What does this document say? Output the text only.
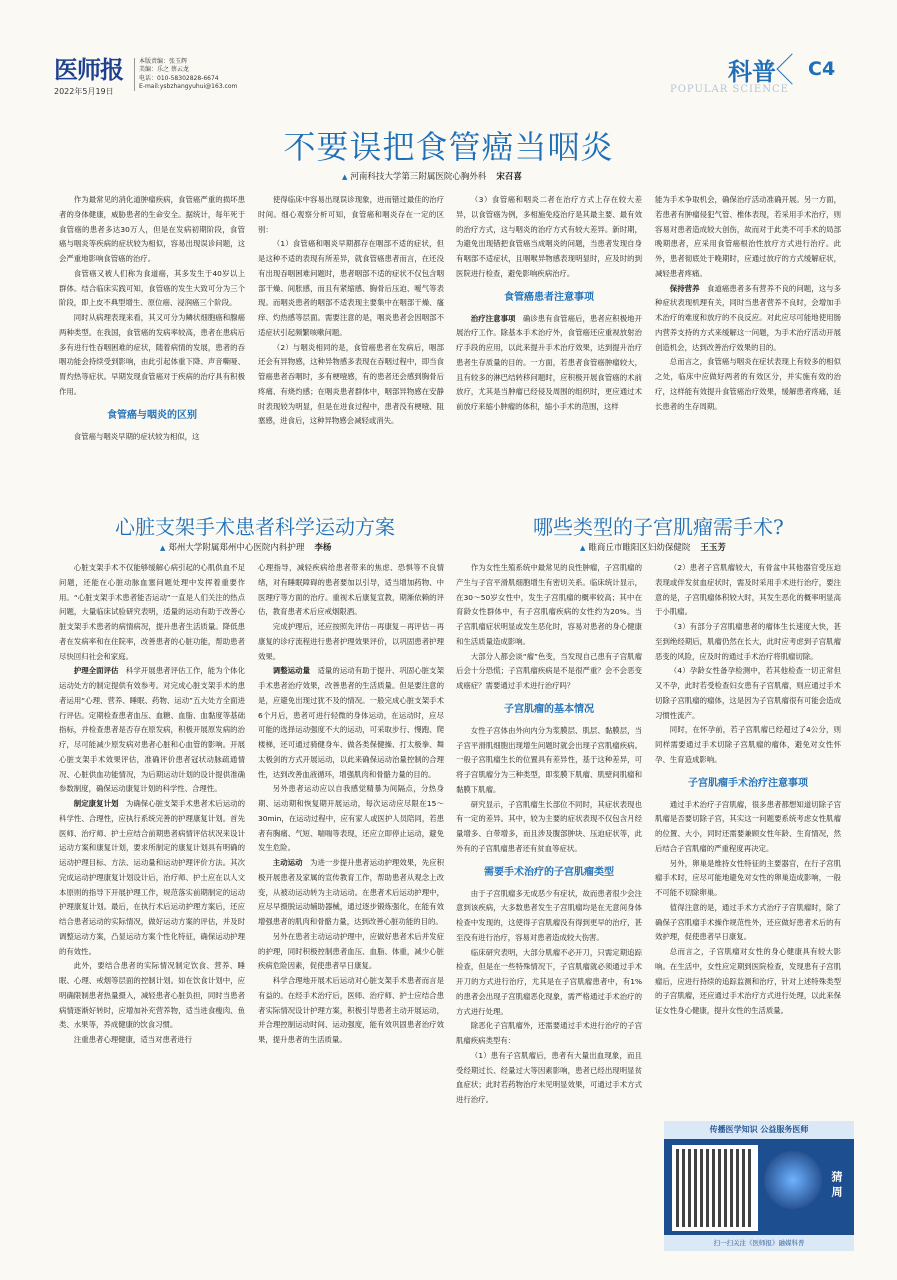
医师报
2022年5月19日
本版责编：张玉辉
美编：乐之 蔡云龙
电话：010-58302828-6674
E-mail:ysbzhangyuhui@163.com
科普 C4
POPULAR SCIENCE
不要误把食管癌当咽炎
▲ 河南科技大学第三附属医院心胸外科 宋召喜

作为最常见的消化道肿瘤疾病，食管癌严重的损坏患者的身体健康，威胁患者的生命安全。据统计，每年死于食管癌的患者多达30万人，但是在发病初期阶段，食管癌与咽炎等疾病的症状较为相似，容易出现误诊问题，这会严重地影响食管癌的治疗。

食管癌又被人们称为食道癌，其多发生于40岁以上群体。结合临床实践可知，食管癌的发生大致可分为三个阶段，即上皮不典型增生、原位癌、浸润癌三个阶段。

同时从病理表现来看，其又可分为鳞状细胞癌和腺癌两种类型。在我国，食管癌的发病率较高，患者在患病后多有进行性吞咽困难的症状，随着病情的发展，患者的吞咽功能会持续受到影响，由此引起体重下降、声音嘶哑、胃灼热等症状。早期发现食管癌对于疾病的治疗具有积极作用。

食管癌与咽炎的区别

食管癌与咽炎早期的症状较为相似，这

使得临床中容易出现误诊现象，进而错过最佳的治疗时间。细心观察分析可知，食管癌和咽炎存在一定的区别：

（1）食管癌和咽炎早期都存在咽部不适的症状，但是这种不适的表现有所差异，就食管癌患者而言，在还没有出现吞咽困难问题时，患者咽部不适的症状不仅包含咽部干燥、间胀感，而且有紧缩感、胸骨后压迫、嗳气等表现。而咽炎患者的咽部不适表现主要集中在咽部干燥、瘙痒、灼热感等层面。需要注意的是，咽炎患者会因咽部不适症状引起频繁咳嗽问题。

（2）与咽炎相同的是，食管癌患者在发病后，咽部还会有异物感，这种异物感多表现在吞咽过程中，即当食管癌患者吞咽时，多有梗噎感，有的患者还会感到胸骨后疼痛、有烧灼感；在咽炎患者群体中，咽部异物感在安静时表现较为明显，但是在进食过程中，患者没有梗噎、阻塞感，进食后，这种异物感会减轻或消失。

（3）食管癌和咽炎二者在治疗方式上存在较大差异，以食管癌为例，多相施免疫治疗是其最主要、最有效的治疗方式，这与咽炎的治疗方式有较大差异。新时期，为避免出现错把食管癌当成咽炎的问题，当患者发现自身有咽部不适症状，且咽喉异物感表现明显时，应及时的到医院进行检查，避免影响疾病治疗。

食管癌患者注意事项

治疗注意事项　 确诊患有食管癌后，患者应积极地开展治疗工作。除基本手术治疗外，食管癌还应重视放射治疗手段的应用，以此来提升手术治疗效果，达到提升治疗患者生存质量的目的。一方面，若患者食管癌肿瘤较大，且有较多的淋巴结转移问题时，应积极开展食管癌的术前放疗，尤其是当肿瘤已经侵及周围的组织时，更应通过术前放疗来缩小肿瘤的体积，缩小手术的范围，这样

能为手术争取机会，确保治疗活动准确开展。另一方面，若患者有肿瘤侵犯气管、椎体表现，若采用手术治疗，则容易对患者造成较大创伤，故而对于此类不可手术的局部晚期患者，应采用食管癌根治性放疗方式进行治疗。此外，患者彻底处于晚期时，应通过放疗的方式缓解症状，减轻患者疼痛。

保持营养　 食道癌患者多有营养不良的问题，这与多种症状表现机理有关，同时当患者营养不良时，会增加手术治疗的难度和放疗的不良反应。对此应尽可能地使用肠内营养支持的方式来缓解这一问题，为手术治疗活动开展创造机会，达到改善治疗效果的目的。

总而言之，食管癌与咽炎在症状表现上有较多的相似之处，临床中应做好两者的有效区分，并实施有效的治疗，这样能有效提升食管癌治疗效果，缓解患者疼痛，延长患者的生存周期。

心脏支架手术患者科学运动方案
▲ 郑州大学附属郑州中心医院内科护理 李杨

心脏支架手术不仅能够缓解心病引起的心肌供血不足问题，还能在心脏动脉血塞问题处理中发挥着重要作用。“心脏支架手术患者能否运动”一直是人们关注的热点问题，大量临床试验研究表明，适量的运动有助于改善心脏支架手术患者的病情病况，提升患者生活质量。降低患者在发病率和在住院率，改善患者的心脏功能，帮助患者尽快回归社会和家庭。

护理全面评估　 科学开展患者评估工作，能为个体化运动处方的制定提供有效参考。对完成心脏支架手术的患者运用“心理、营养、睡眠、药物、运动”五大处方全面进行评估。定期检查患者血压、血糖、血脂、血黏度等基础指标，并检查患者是否存在原发病，积极开展原发病的治疗，尽可能减少原发病对患者心脏和心血管的影响。开展心脏支架手术效果评估，准确评价患者冠状动脉疏通情况、心脏供血功能情况，为后期运动计划的设计提供准确参数制度，确保运动康复计划的科学性、合理性。

制定康复计划　 为确保心脏支架手术患者术后运动的科学性、合理性，应执行系统完善的护理康复计划。首先医师、治疗师、护士应结合前期患者病情评估状况来设计运动方案和康复计划，要求所制定的康复计划具有明确的运动护理目标、方法、运动量和运动护理评价方法。其次完成运动护理康复计划设计后，治疗师、护士应在以人文本原则的指导下开展护理工作，规范落实前期制定的运动护理康复计划。最后，在执行术后运动护理方案后，还应结合患者运动的实际情况，做好运动方案的评估，并及时调整运动方案，凸显运动方案个性化特征，确保运动护理的有效性。

此外，要结合患者的实际情况制定饮食、营养、睡眠、心理、戒烟等层面的控制计划。如在饮食计划中，应明确限制患者热量摄入，减轻患者心脏负担，同时当患者病情逐渐好转时，应增加补充营养物，适当进食瘦肉、鱼类、水果等，养成健康的饮食习惯。

注重患者心理健康，适当对患者进行

心理指导，减轻疾病给患者带来的焦虑、恐惧等不良情绪，对有睡眠障碍的患者要加以引导，适当增加药物、中医理疗等方面的治疗。重视术后康复宣教，期渐依赖的评估，教育患者术后应戒烟限酒。

完成护理后，还应按照先评估－再康复－再评估－再康复的诊疗流程进行患者护理效果评价，以巩固患者护理效果。

调整运动量　 适量的运动有助于提升、巩固心脏支架手术患者治疗效果，改善患者的生活质量。但是要注意的是，应避免出现过犹不及的情况。一般完成心脏支架手术6个月后，患者可进行轻微的身体运动，在运动时，应尽可能的选择运动强度不大的运动，可采取步行、慢跑、爬楼梯，还可通过骑健身车、做各类保健操、打太极拳、舞太极剑的方式开展运动，以此来确保运动治量控制的合理性，达到改善血液循环，增强肌肉和骨骼力量的目的。

另外患者运动应以自我感觉精暴为间隔点，分热身期、运动期和恢复期开展运动，每次运动应尽限在15～30min，在运动过程中，应有家人或医护人员陪同，若患者有胸痛、气短、喘喘等表现，还应立即停止运动，避免发生危险。

主动运动　 为进一步提升患者运动护理效果，先应积极开展患者及家属的宣传教育工作，帮助患者从观念上改变，从被动运动转为主动运动。在患者术后运动护理中，应尽早摄脱运动辅助器械，通过逐步锻炼强化，在能有效增强患者的肌肉和骨骼力量，达到改善心脏功能的目的。

另外在患者主动运动护理中，应做好患者术后并发症的护理，同时积极控制患者血压、血脂、体重，减少心脏疾病危险因素，促使患者早日康复。

科学合理地开展术后运动对心脏支架手术患者而言是有益的。在经手术治疗后，医师、治疗师、护士应结合患者实际情况设计护理方案，积极引导患者主动开展运动，并合理控制运动时间、运动强度，能有效巩固患者治疗效果，提升患者的生活质量。

哪些类型的子宫肌瘤需手术?
▲ 睢商丘市睢阳区妇幼保健院 王玉芳

作为女性生殖系统中最常见的良性肿瘤，子宫肌瘤的产生与子宫平滑肌细胞增生有密切关系。临床统计显示，在30～50岁女性中，发生子宫肌瘤的概率较高；其中在育龄女性群体中，有子宫肌瘤疾病的女性约为20%。当子宫肌瘤症状明显或发生恶化时，容易对患者的身心健康和生活质量造成影响。

大部分人都会谈“瘤”色变，当发现自己患有子宫肌瘤后会十分恐慌；子宫肌瘤疾病是不是很严重？会不会恶变成癌症？需要通过手术进行治疗吗？

子宫肌瘤的基本情况

女性子宫体由外向内分为浆膜层、肌层、黏膜层，当子宫平滑肌细胞出现增生问题时就会出现子宫肌瘤疾病。一般子宫肌瘤生长的位置具有差异性，基于这种差异，可将子宫肌瘤分为三种类型，即浆膜下肌瘤、肌壁间肌瘤和黏膜下肌瘤。

研究显示，子宫肌瘤生长部位不同时，其症状表现也有一定的差异。其中，较为主要的症状表现不仅包含月经量增多、白带增多，而且涉及腹部肿块、压迫症状等，此外有的子宫肌瘤患者还有贫血等症状。

需要手术治疗的子宫肌瘤类型

由于子宫肌瘤多无成恶少有症状，故而患者很少会注意到该疾病，大多数患者发生子宫肌瘤均是在无意间身体检查中发现的，这使得子宫肌瘤没有得到更早的治疗，甚至没有进行治疗，容易对患者造成较大伤害。

临床研究表明，大部分肌瘤不必开刀，只需定期追踪检查，但是在一些特殊情况下，子宫肌瘤就必须通过手术开刀的方式进行治疗，尤其是在子宫肌瘤患者中，有1%的患者会出现子宫肌瘤恶化现象，需严格通过手术治疗的方式进行处理。

除恶化子宫肌瘤外，还需要通过手术进行治疗的子宫肌瘤疾病类型有：

（1）患有子宫肌瘤后，患者有大量出血现象，而且受经期过长、经量过大等因素影响，患者已经出现明显贫血症状；此时若药物治疗未见明显效果，可通过手术方式进行治疗。

（2）患者子宫肌瘤较大，有骨盆中其他器官受压迫表现或伴发贫血症状时，需及时采用手术进行治疗，要注意的是，子宫肌瘤体积较大时，其发生恶化的概率明显高于小肌瘤。

（3）有部分子宫肌瘤患者的瘤体生长速度大快，甚至到绝经期后，肌瘤仍然在长大，此时应考虑到子宫肌瘤恶变的风险，应及时的通过手术治疗将肌瘤切除。

（4）孕龄女性备孕检测中，若其他检查一切正常但又不孕，此时若受检查妇女患有子宫肌瘤，则应通过手术切除子宫肌瘤的瘤体，这是因为子宫肌瘤很有可能会造成习惯性流产。

同时，在怀孕前，若子宫肌瘤已经超过了4公分，则同样需要通过手术切除子宫肌瘤的瘤体，避免对女性怀孕、生育造成影响。

子宫肌瘤手术治疗注意事项

通过手术治疗子宫肌瘤，很多患者都想知道切除子宫肌瘤是否要切除子宫，其实这一问题要系统考虑女性肌瘤的位置、大小，同时还需要兼顾女性年龄、生育情况，然后结合子宫肌瘤的严重程度再决定。

另外，卵巢是维持女性特征的主要器官，在行子宫肌瘤手术时，应尽可能地避免对女性的卵巢造成影响，一般不可能不切除卵巢。

值得注意的是，通过手术方式治疗子宫肌瘤时，除了确保子宫肌瘤手术操作规范性外，还应做好患者术后的有效护理，促使患者早日康复。

总而言之，子宫肌瘤对女性的身心健康具有较大影响。在生活中，女性应定期到医院检查，发现患有子宫肌瘤后，应进行持续的追踪监测和治疗，针对上述特殊类型的子宫肌瘤，还应通过手术治疗方式进行处理，以此来保证女性身心健康，提升女性的生活质量。

传播医学知识 公益服务医师
猜周
扫一扫关注《医师报》融媒科普
